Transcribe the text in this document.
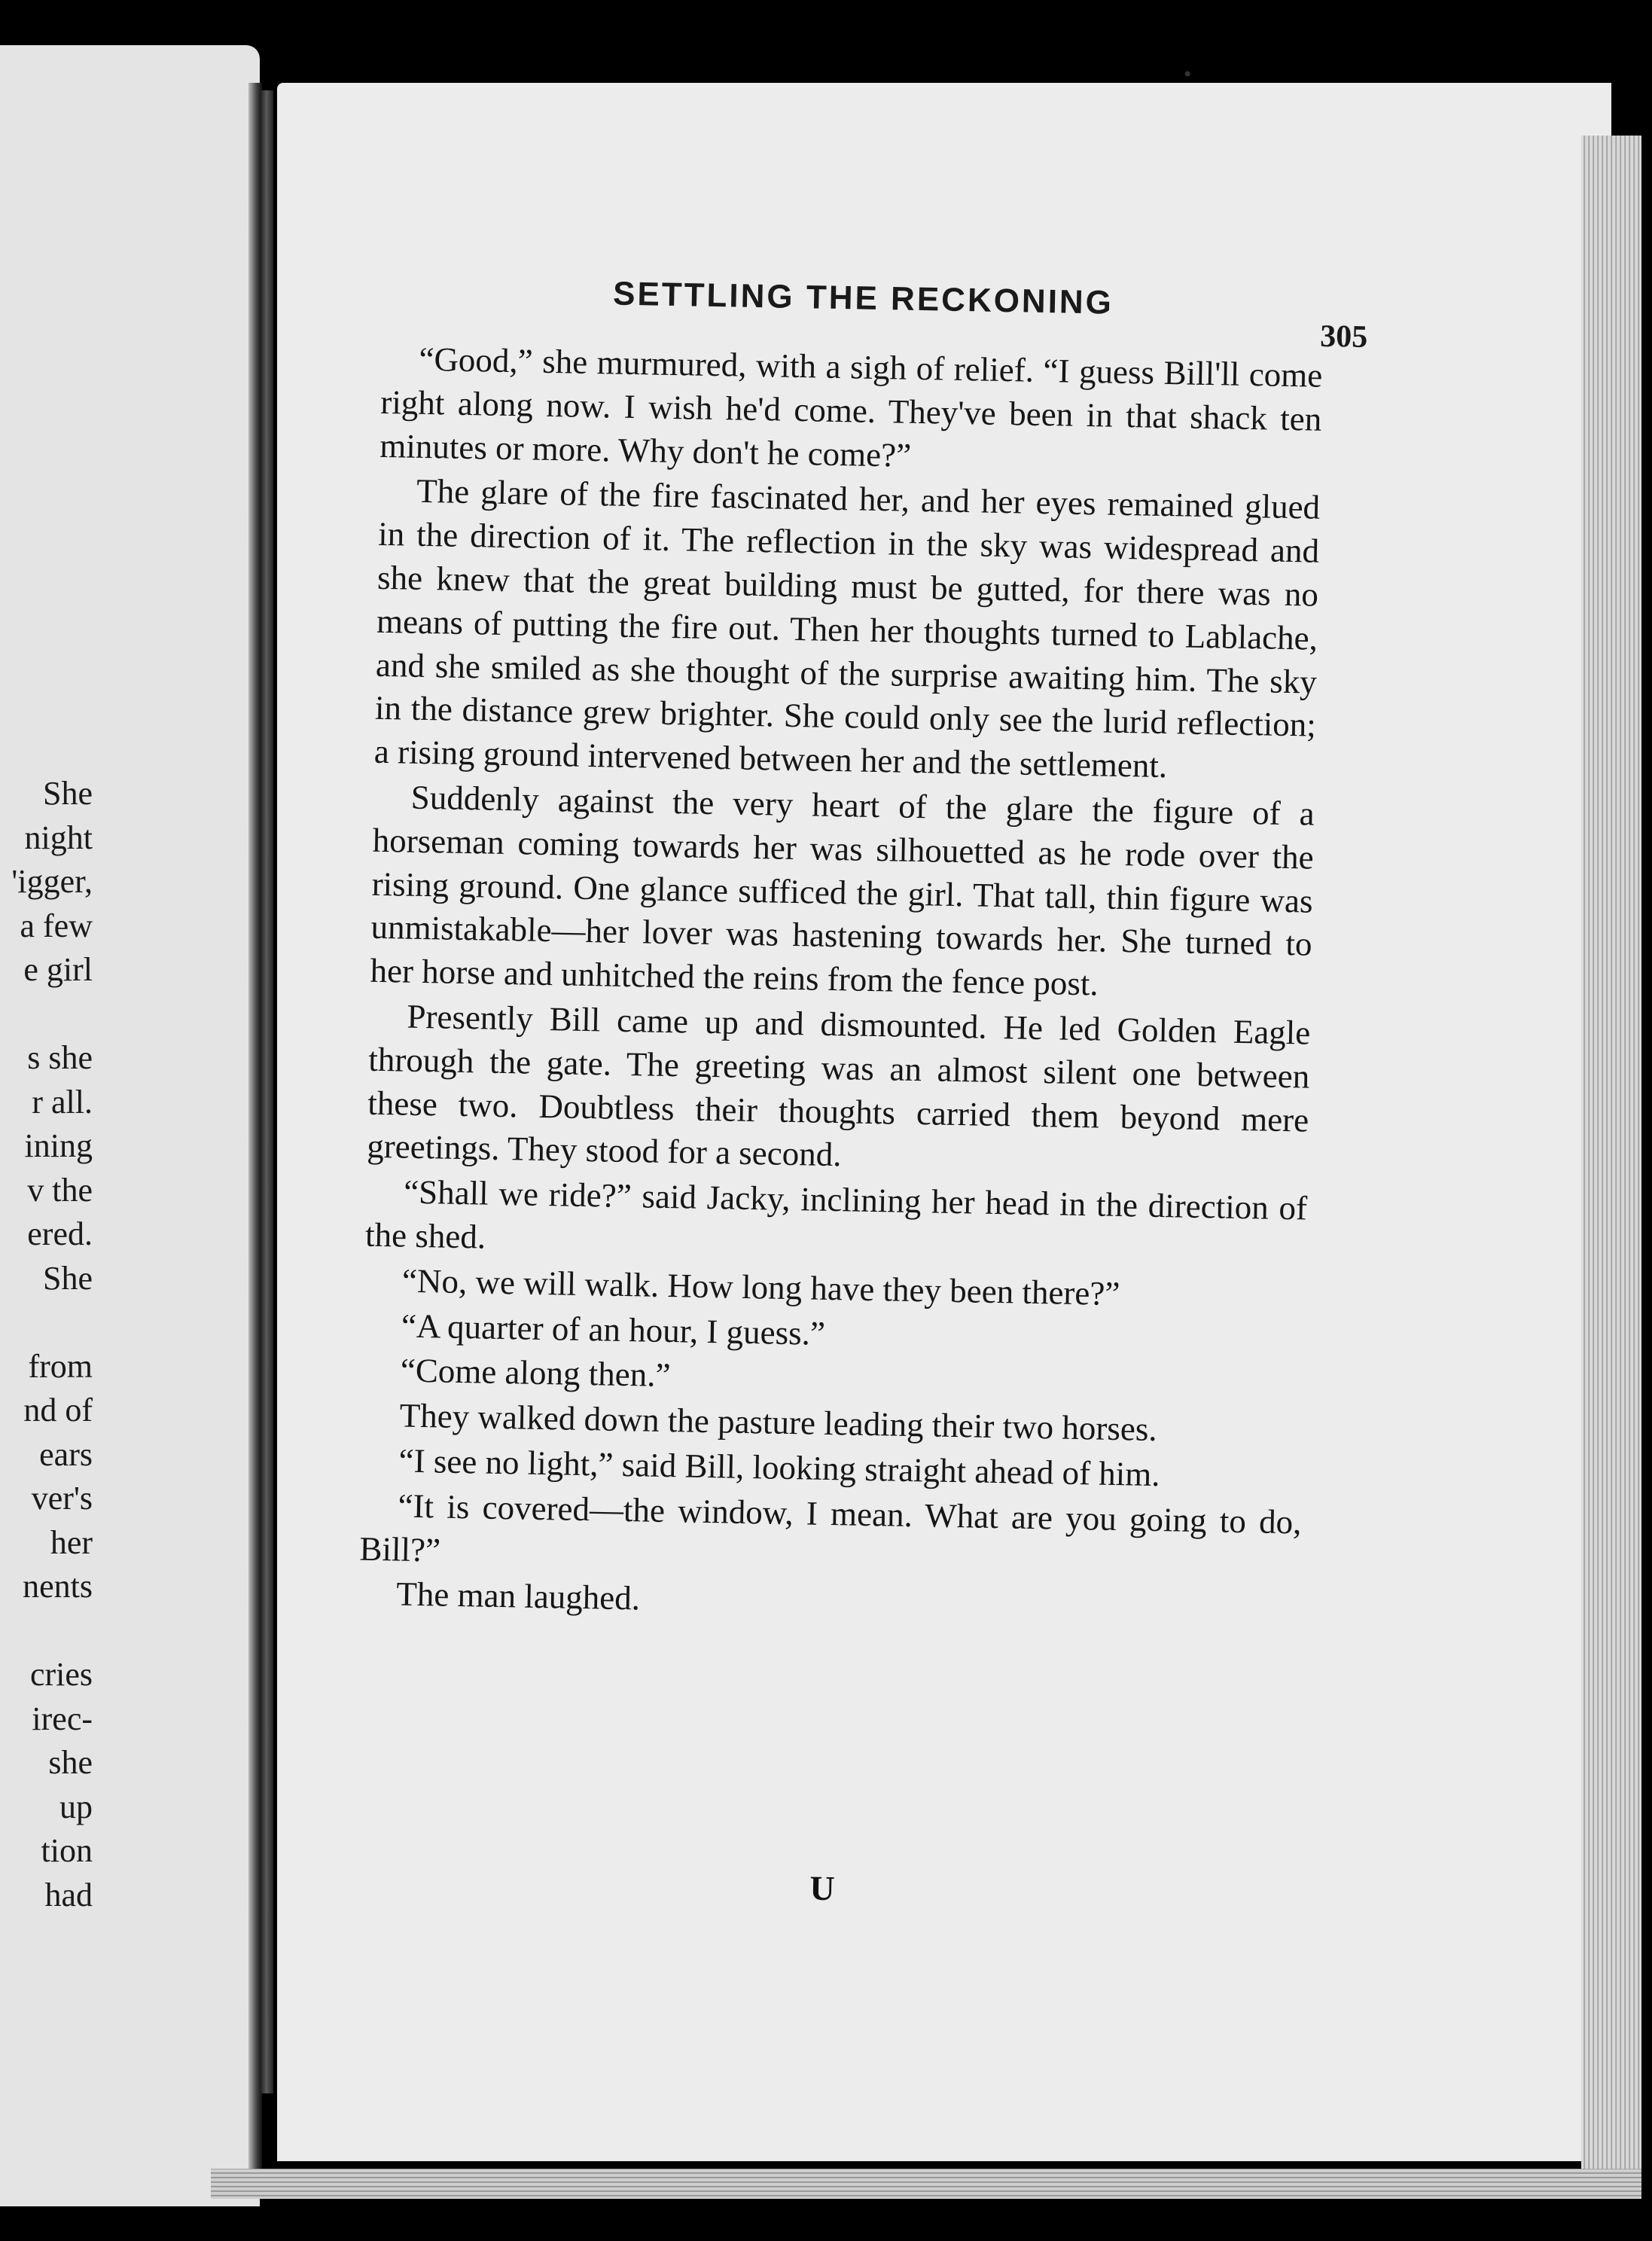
She
night
'igger,
a few
e girl

s she
r all.
ining
v the
ered.
She

from
nd of
ears
ver's
her
nents

cries
irec-
she
up
tion
had
•
SETTLING THE RECKONING
305

“Good,” she murmured, with a sigh of relief. “I guess Bill'll come right along now. I wish he'd come. They've been in that shack ten minutes or more. Why don't he come?”

The glare of the fire fascinated her, and her eyes remained glued in the direction of it. The reflection in the sky was widespread and she knew that the great building must be gutted, for there was no means of putting the fire out. Then her thoughts turned to Lablache, and she smiled as she thought of the surprise awaiting him. The sky in the distance grew brighter. She could only see the lurid reflection; a rising ground intervened between her and the settlement.

Suddenly against the very heart of the glare the figure of a horseman coming towards her was silhouetted as he rode over the rising ground. One glance sufficed the girl. That tall, thin figure was unmistakable—her lover was hastening towards her. She turned to her horse and unhitched the reins from the fence post.

Presently Bill came up and dismounted. He led Golden Eagle through the gate. The greeting was an almost silent one between these two. Doubtless their thoughts carried them beyond mere greetings. They stood for a second.

“Shall we ride?” said Jacky, inclining her head in the direction of the shed.

“No, we will walk. How long have they been there?”

“A quarter of an hour, I guess.”

“Come along then.”

They walked down the pasture leading their two horses.

“I see no light,” said Bill, looking straight ahead of him.

“It is covered—the window, I mean. What are you going to do, Bill?”

The man laughed.

U
